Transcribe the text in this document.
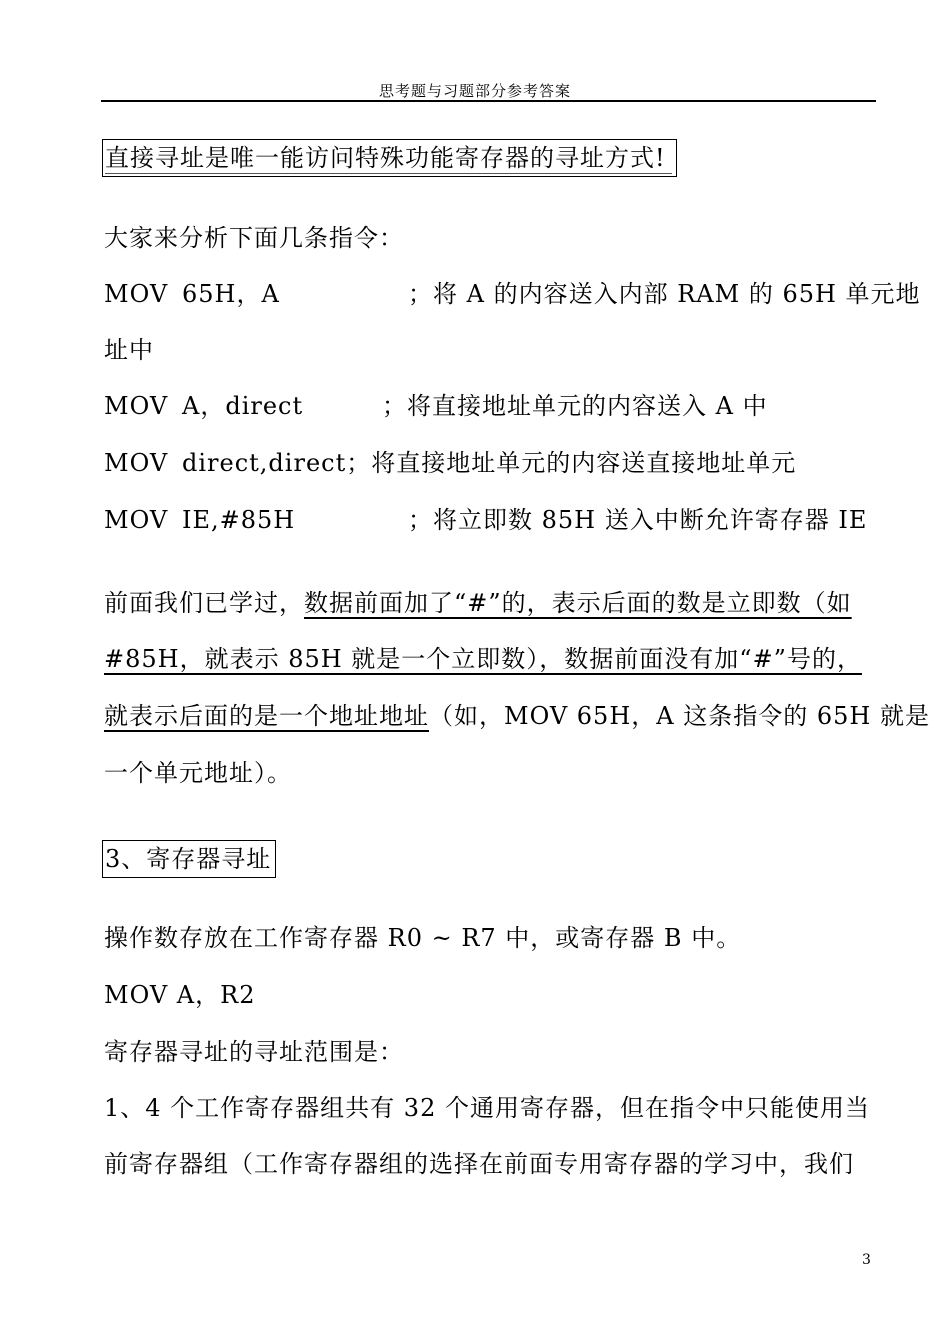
思考题与习题部分参考答案
直接寻址是唯一能访问特殊功能寄存器的寻址方式!
大家来分析下面几条指令：
MOV 65H，A	；将 A 的内容送入内部 RAM 的 65H 单元地
址中
MOV A，direct	；将直接地址单元的内容送入 A 中
MOV direct,direct；将直接地址单元的内容送直接地址单元
MOV IE,#85H	；将立即数 85H 送入中断允许寄存器 IE
前面我们已学过，数据前面加了“#”的，表示后面的数是立即数（如
#85H，就表示 85H 就是一个立即数），数据前面没有加“#”号的，
就表示后面的是一个地址地址（如，MOV 65H，A 这条指令的 65H 就是
一个单元地址）。
3、寄存器寻址
操作数存放在工作寄存器 R0 ~ R7 中，或寄存器 B 中。
MOV A，R2
寄存器寻址的寻址范围是：
1、4 个工作寄存器组共有 32 个通用寄存器，但在指令中只能使用当
前寄存器组（工作寄存器组的选择在前面专用寄存器的学习中，我们
3
